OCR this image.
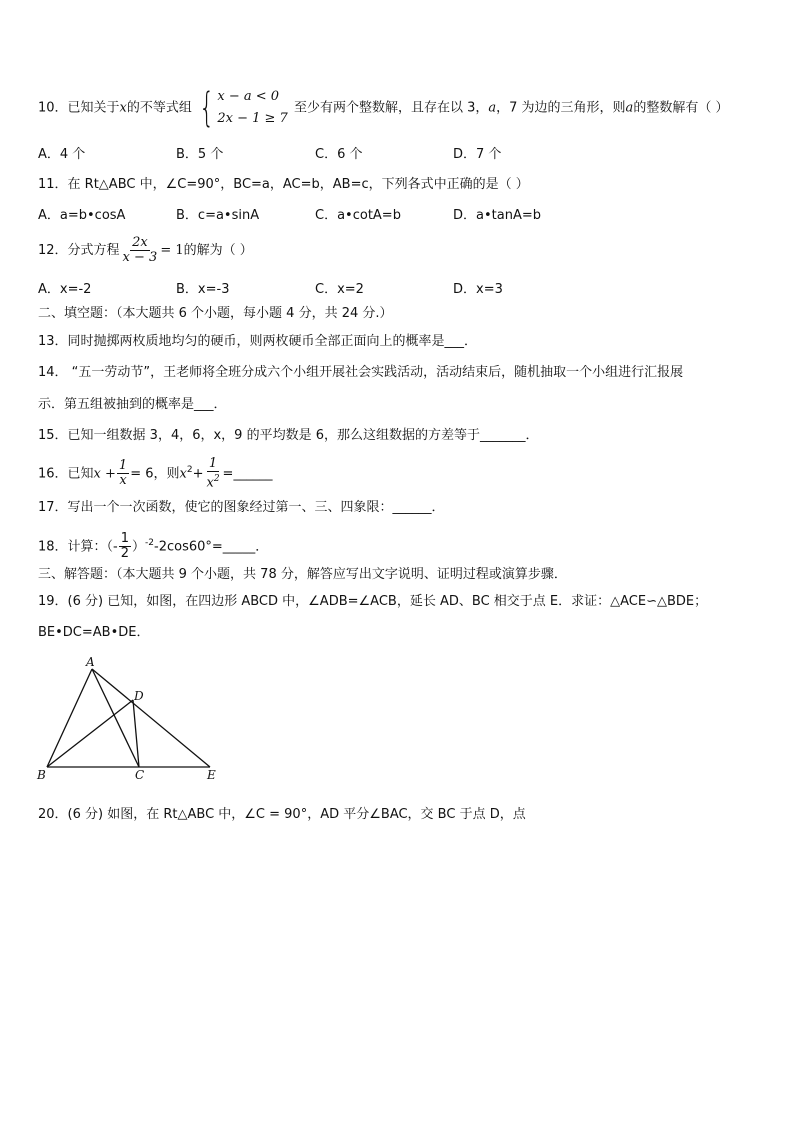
10．已知关于x的不等式组 { x − a < 0
2x − 1 ≥ 7
至少有两个整数解，且存在以 3，a，7 为边的三角形，则a的整数解有（ ）
A．4 个	B．5 个	C．6 个	D．7 个
11．在 Rt△ABC 中，∠C=90°，BC=a，AC=b，AB=c，下列各式中正确的是（ ）
A．a=b•cosA	B．c=a•sinA	C．a•cotA=b	D．a•tanA=b
12．分式方程 $\frac{2x}{x - 3} = 1$的解为（ ）
A．x=-2	B．x=-3	C．x=2	D．x=3
二、填空题：（本大题共 6 个小题，每小题 4 分，共 24 分.）
13．同时抛掷两枚质地均匀的硬币，则两枚硬币全部正面向上的概率是___．
14． “五一劳动节”，王老师将全班分成六个小组开展社会实践活动，活动结束后，随机抽取一个小组进行汇报展
示．第五组被抽到的概率是___．
15．已知一组数据 3，4，6，x，9 的平均数是 6，那么这组数据的方差等于_______．
16．已知$x + \frac{1}{x} = 6$，则$x^2+ \frac{1}{x^2}$ =______
17．写出一个一次函数，使它的图象经过第一、三、四象限：______．
18．计算：（- $\frac{1}{2}$ ）$^{-2}$-2cos60°=_____．
三、解答题：（本大题共 9 个小题，共 78 分，解答应写出文字说明、证明过程或演算步骤．
19．(6 分) 已知，如图，在四边形 ABCD 中，∠ADB=∠ACB，延长 AD、BC 相交于点 E．求证：△ACE∽△BDE；
BE•DC=AB•DE．
A
B	C
D
E
20．(6 分) 如图，在 Rt△ABC 中，∠C = 90°，AD 平分∠BAC，交 BC 于点 D，点
